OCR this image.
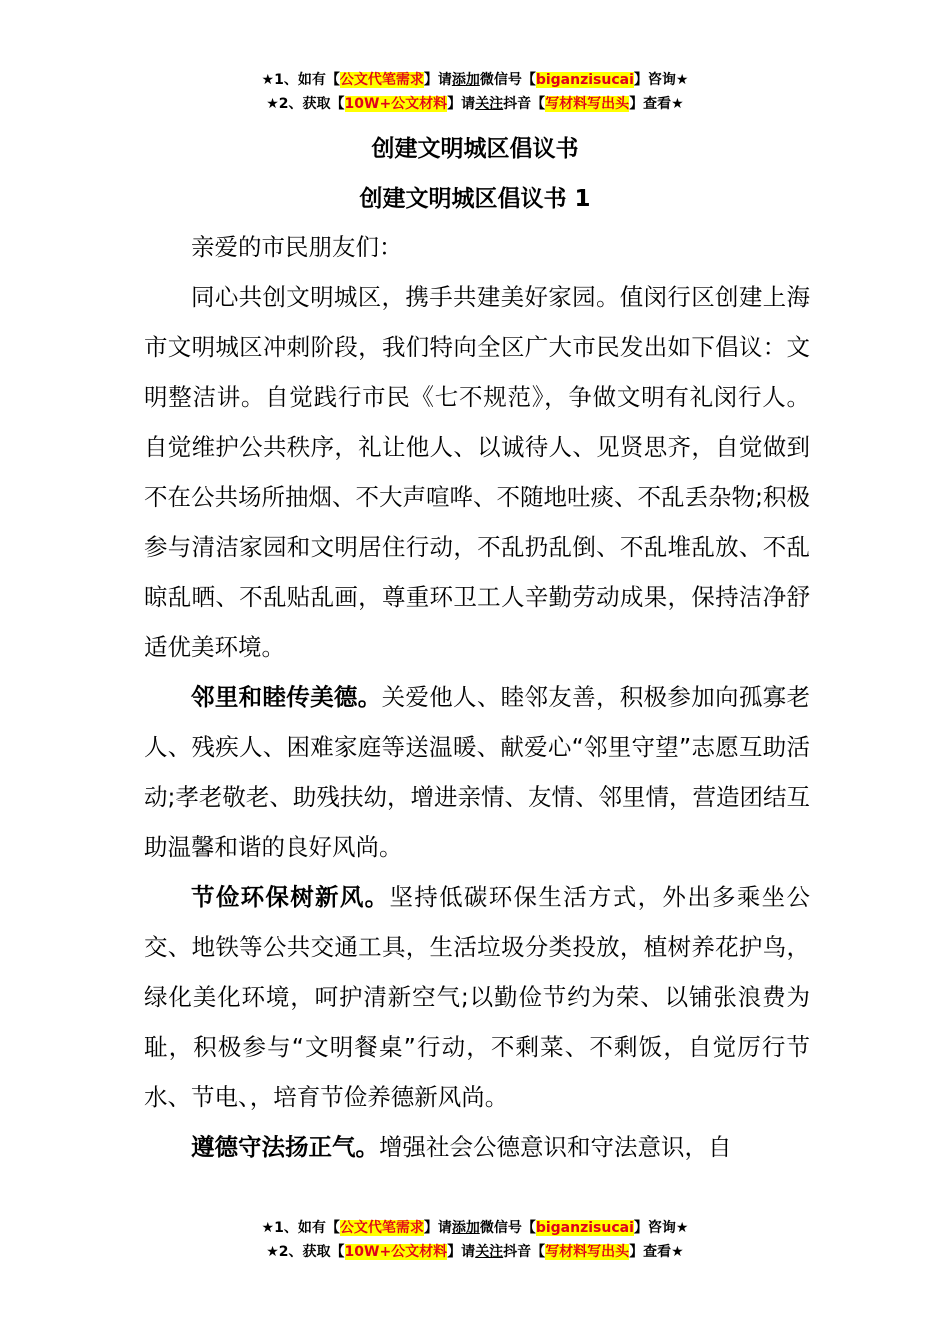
★1、如有【公文代笔需求】请添加微信号【biganzisucai】咨询★
★2、获取【10W+公文材料】请关注抖音【写材料写出头】查看★
创建文明城区倡议书
创建文明城区倡议书 1

亲爱的市民朋友们：

同心共创文明城区，携手共建美好家园。值闵行区创建上海市文明城区冲刺阶段，我们特向全区广大市民发出如下倡议：文明整洁讲。自觉践行市民《七不规范》，争做文明有礼闵行人。自觉维护公共秩序，礼让他人、以诚待人、见贤思齐，自觉做到不在公共场所抽烟、不大声喧哗、不随地吐痰、不乱丢杂物;积极参与清洁家园和文明居住行动，不乱扔乱倒、不乱堆乱放、不乱晾乱晒、不乱贴乱画，尊重环卫工人辛勤劳动成果，保持洁净舒适优美环境。

邻里和睦传美德。关爱他人、睦邻友善，积极参加向孤寡老人、残疾人、困难家庭等送温暖、献爱心“邻里守望”志愿互助活动;孝老敬老、助残扶幼，增进亲情、友情、邻里情，营造团结互助温馨和谐的良好风尚。

节俭环保树新风。坚持低碳环保生活方式，外出多乘坐公交、地铁等公共交通工具，生活垃圾分类投放，植树养花护鸟，绿化美化环境，呵护清新空气;以勤俭节约为荣、以铺张浪费为耻，积极参与“文明餐桌”行动，不剩菜、不剩饭，自觉厉行节水、节电、，培育节俭养德新风尚。

遵德守法扬正气。增强社会公德意识和守法意识，自

★1、如有【公文代笔需求】请添加微信号【biganzisucai】咨询★
★2、获取【10W+公文材料】请关注抖音【写材料写出头】查看★
